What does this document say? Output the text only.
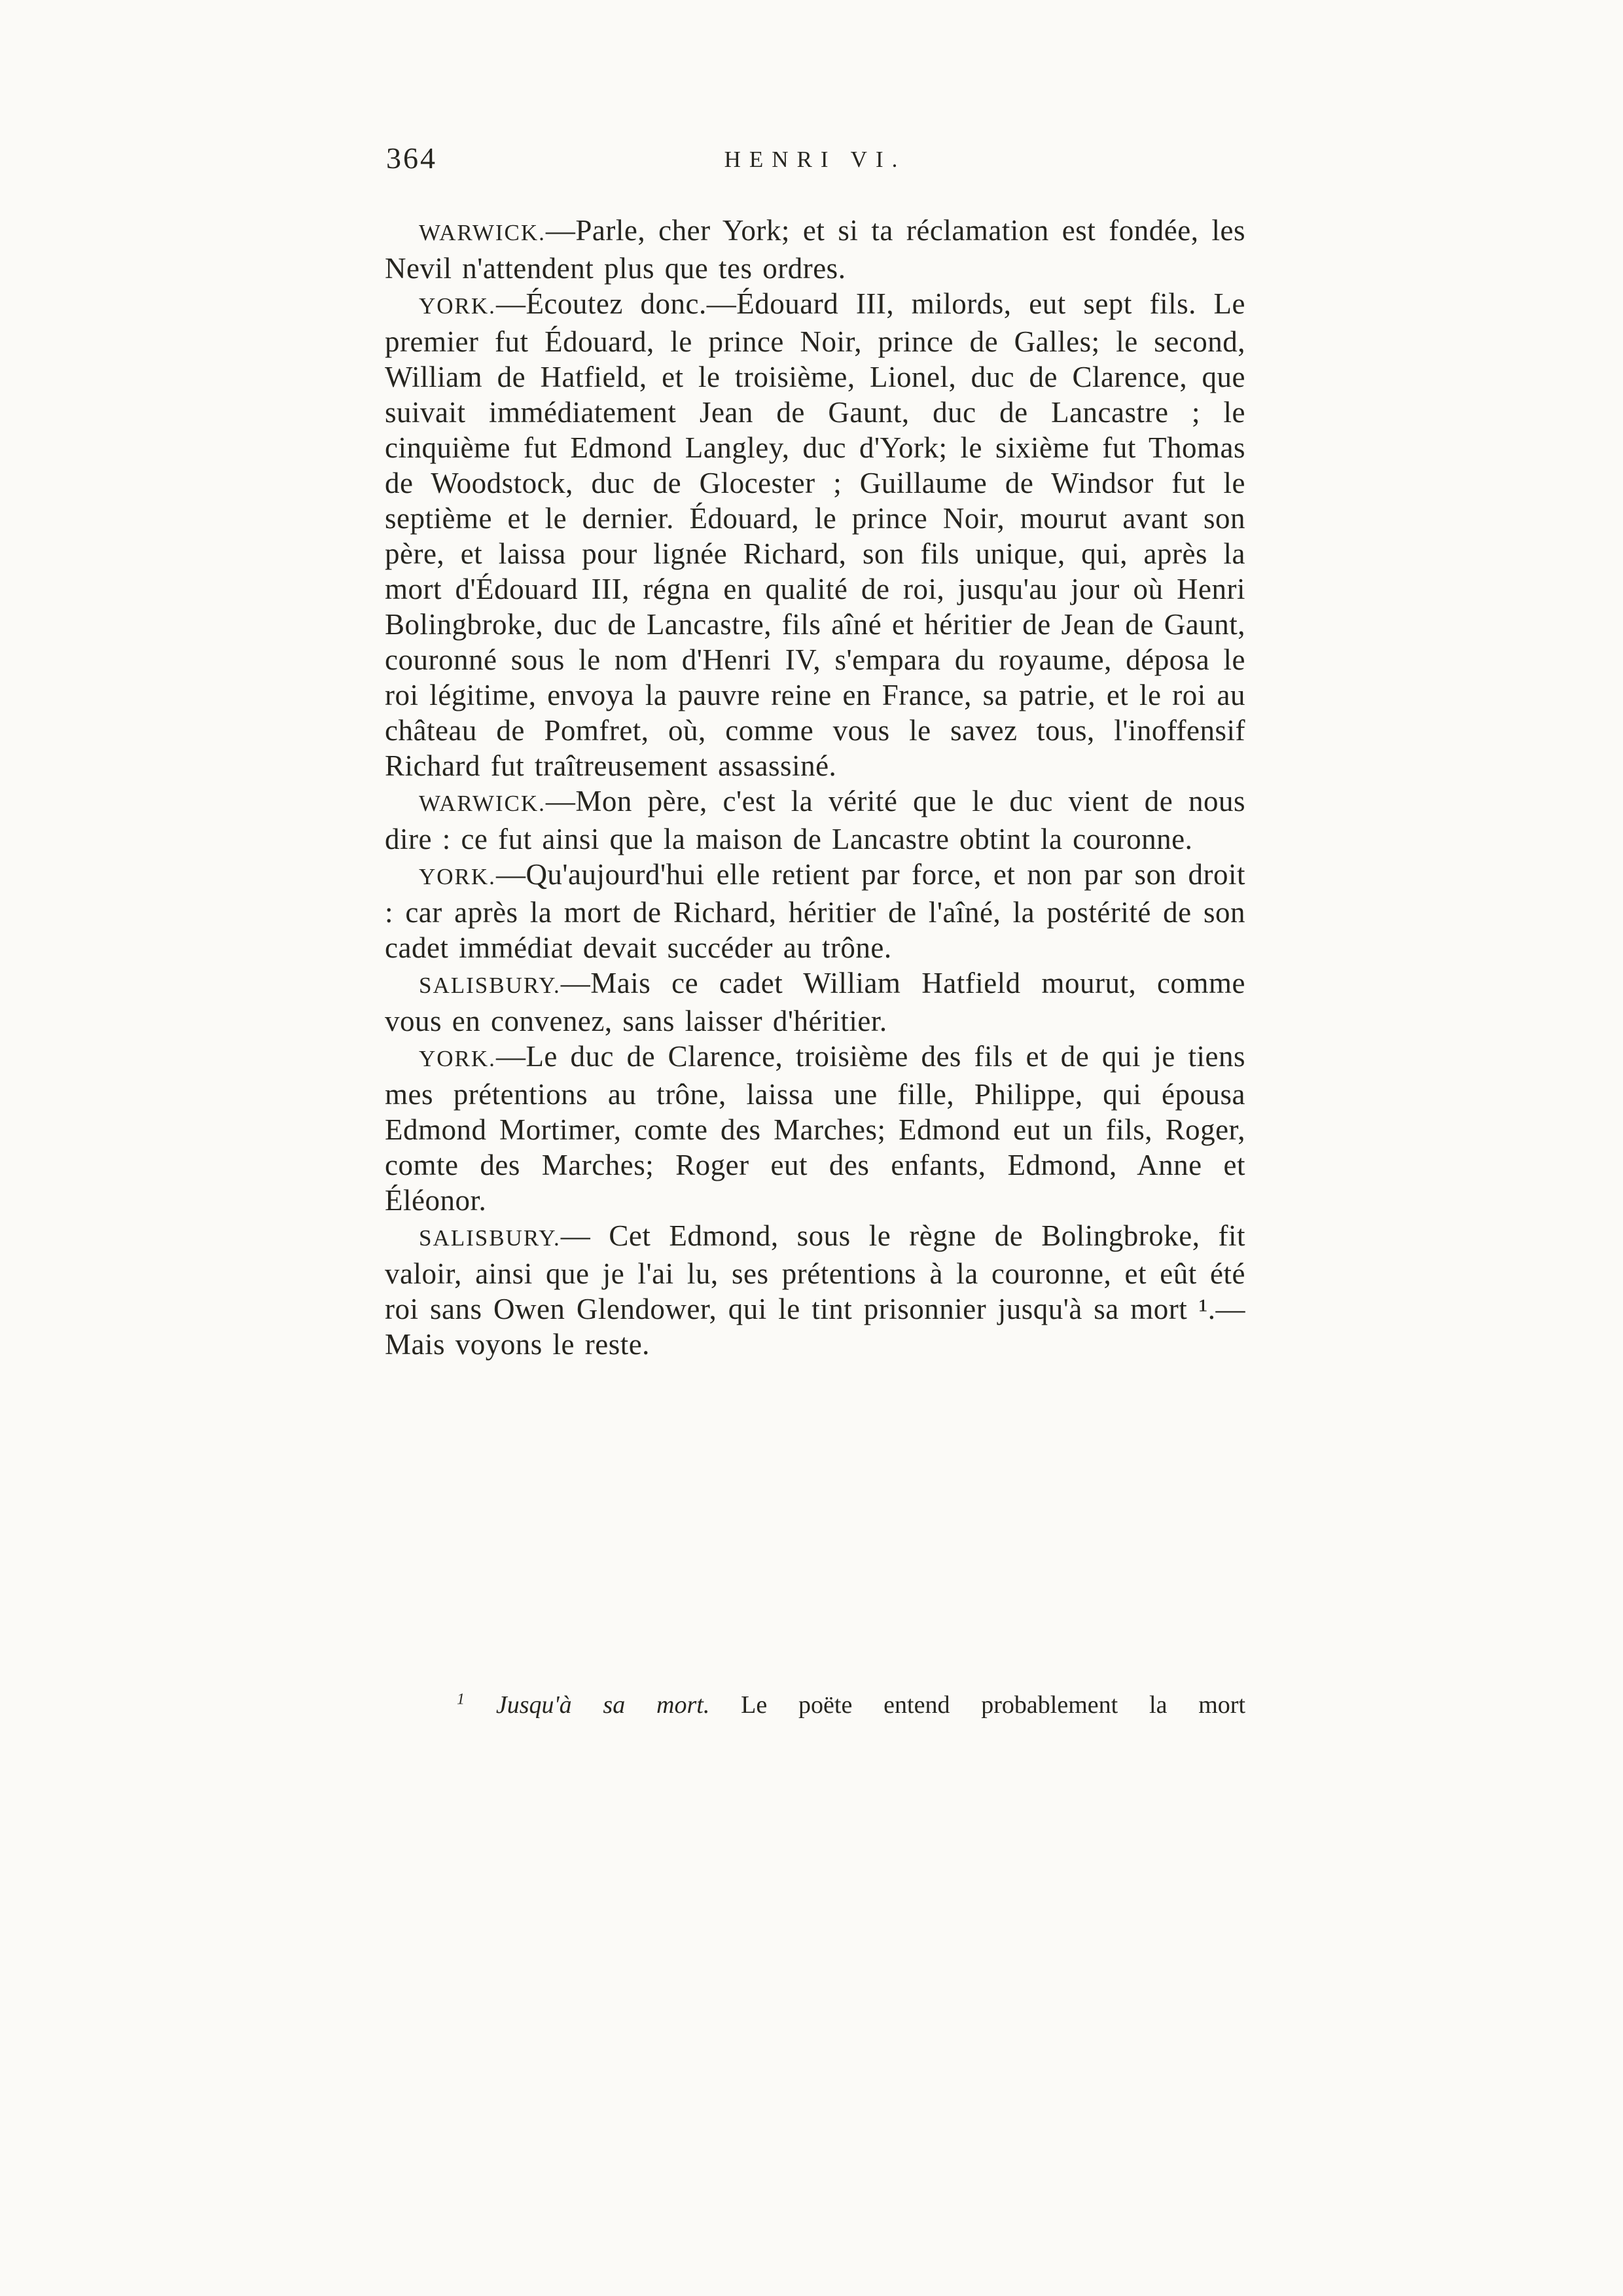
364	HENRI VI.

WARWICK.—Parle, cher York; et si ta réclamation est fondée, les Nevil n'attendent plus que tes ordres.

YORK.—Écoutez donc.—Édouard III, milords, eut sept fils. Le premier fut Édouard, le prince Noir, prince de Galles; le second, William de Hatfield, et le troisième, Lionel, duc de Clarence, que suivait immédiatement Jean de Gaunt, duc de Lancastre ; le cinquième fut Edmond Langley, duc d'York; le sixième fut Thomas de Woodstock, duc de Glocester ; Guillaume de Windsor fut le septième et le dernier. Édouard, le prince Noir, mourut avant son père, et laissa pour lignée Richard, son fils unique, qui, après la mort d'Édouard III, régna en qualité de roi, jusqu'au jour où Henri Bolingbroke, duc de Lancastre, fils aîné et héritier de Jean de Gaunt, couronné sous le nom d'Henri IV, s'empara du royaume, déposa le roi légitime, envoya la pauvre reine en France, sa patrie, et le roi au château de Pomfret, où, comme vous le savez tous, l'inoffensif Richard fut traîtreusement assassiné.

WARWICK.—Mon père, c'est la vérité que le duc vient de nous dire : ce fut ainsi que la maison de Lancastre obtint la couronne.

YORK.—Qu'aujourd'hui elle retient par force, et non par son droit : car après la mort de Richard, héritier de l'aîné, la postérité de son cadet immédiat devait succéder au trône.

SALISBURY.—Mais ce cadet William Hatfield mourut, comme vous en convenez, sans laisser d'héritier.

YORK.—Le duc de Clarence, troisième des fils et de qui je tiens mes prétentions au trône, laissa une fille, Philippe, qui épousa Edmond Mortimer, comte des Marches; Edmond eut un fils, Roger, comte des Marches; Roger eut des enfants, Edmond, Anne et Éléonor.

SALISBURY.— Cet Edmond, sous le règne de Bolingbroke, fit valoir, ainsi que je l'ai lu, ses prétentions à la couronne, et eût été roi sans Owen Glendower, qui le tint prisonnier jusqu'à sa mort ¹.—Mais voyons le reste.

$^1$ Jusqu'à sa mort. Le poëte entend probablement la mort
